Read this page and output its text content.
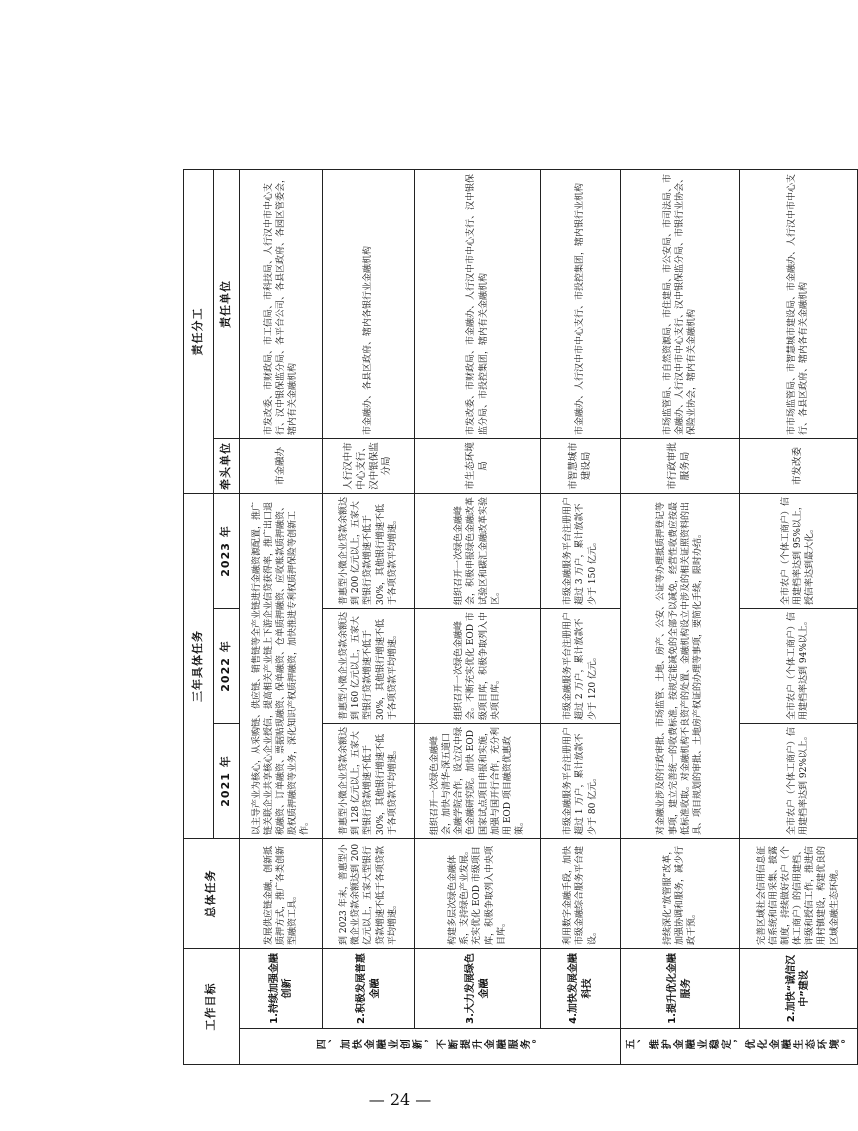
工作目标		总体任务	三年具体任务			责任分工	
			2021 年	2022 年	2023 年	牵头单位	责任单位
四、加快金融业创新，不断提升金融服务。	1.持续加强金融创新	发展供应链金融，创新抵质押方式，推广各类创新型融资工具。	以主导产业为核心，从采购链、供应链、销售链等全产业链进行金融资源配置，推广链关联企业共享核心企业授信，提高相关产业链上下游企业信贷获得率，推广出口退税融资、订单融资、票据贴现融资、保单融资、仓单质押融资、应收账款质押融资、股权质押融资等业务，深化知识产权质押融资，加快推进专利权质押保险等创新工作。			市金融办	市发改委、市财政局、市工信局、市科技局、人行汉中市中心支行、汉中银保监分局、各平台公司、各县区政府、各园区管委会，辖内有关金融机构
	2.积极发展普惠金融	到 2023 年末，普惠型小微企业贷款余额达到 200 亿元以上，五家大型银行贷款增速不低于各项贷款平均增速。	普惠型小微企业贷款余额达到 128 亿元以上，五家大型银行贷款增速不低于 30%，其他银行增速不低于各项贷款平均增速。	普惠型小微企业贷款余额达到 160 亿元以上，五家大型银行贷款增速不低于 30%，其他银行增速不低于各项贷款平均增速。	普惠型小微企业贷款余额达到 200 亿元以上，五家大型银行贷款增速不低于 30%，其他银行增速不低于各项贷款平均增速。	人行汉中市中心支行、汉中银保监分局	市金融办、各县区政府、辖内各银行业金融机构
	3.大力发展绿色金融	构建多层次绿色金融体系，支持绿色产业发展。充实优化 EOD 市级项目库，积极争取列入中央项目库。	组织召开一次绿色金融峰会，加快与清华-深五道口金融学院合作，设立汉中绿色金融研究院。加快 EOD 国家试点项目申报和实施，加强与国开行合作，充分利用 EOD 项目融资优惠政策。	组织召开一次绿色金融峰会。不断充实优化 EOD 市级项目库，积极争取列入中央项目库。	组织召开一次绿色金融峰会，积极申报绿色金融改革试验区和碳汇金融改革实验区。	市生态环境局	市发改委、市财政局、市金融办、人行汉中市中心支行、汉中银保监分局、市投控集团，辖内有关金融机构
	4.加快发展金融科技	利用数字金融手段，加快市级金融综合服务平台建设。	市级金融服务平台注册用户超过 1 万户，累计放款不少于 80 亿元。	市级金融服务平台注册用户超过 2 万户，累计放款不少于 120 亿元。	市级金融服务平台注册用户超过 3 万户，累计放款不少于 150 亿元。	市智慧城市建设局	市金融办、人行汉中市中心支行、市投控集团，辖内银行业机构
五、维护金融业稳定，优化金融生态环境。	1.提升优化金融服务	持续深化“放管服”改革，加强协调和服务，减少行政干预。	对金融业涉及的行政审批、市场监管、土地、房产、公安、公证等办理抵质押登记等事项，建立完善统一的收费标准，按规定能减免的全部予以减免，经营性收费应按最低标准收取。对金融机构不良资产的处置、金融机构设立中涉及的相关证照资料的出具、项目规划的审批、土地房产权证的办理等事项，要简化手续，限时办结。			市行政审批服务局	市场监管局、市自然资源局、市住建局、市公安局、市司法局、市金融办、人行汉中市中心支行、汉中银保监分局、市银行业协会、保险业协会，辖内有关金融机构
	2.加快“诚信汉中”建设	完善区域社会信用信息征信系统和信用采集、披露制度，持续做好农户（个体工商户）的信用建档、评级和授信工作，推进信用村镇建设，构建优良的区域金融生态环境。	全市农户（个体工商户）信用建档率达到 92%以上。	全市农户（个体工商户）信用建档率达到 94%以上。	全市农户（个体工商户）信用建档率达到 95%以上，授信率达到最大化。	市发改委	市市场监管局、市智慧城市建设局、市金融办、人行汉中市中心支行、各县区政府、辖内各有关金融机构
— 24 —
